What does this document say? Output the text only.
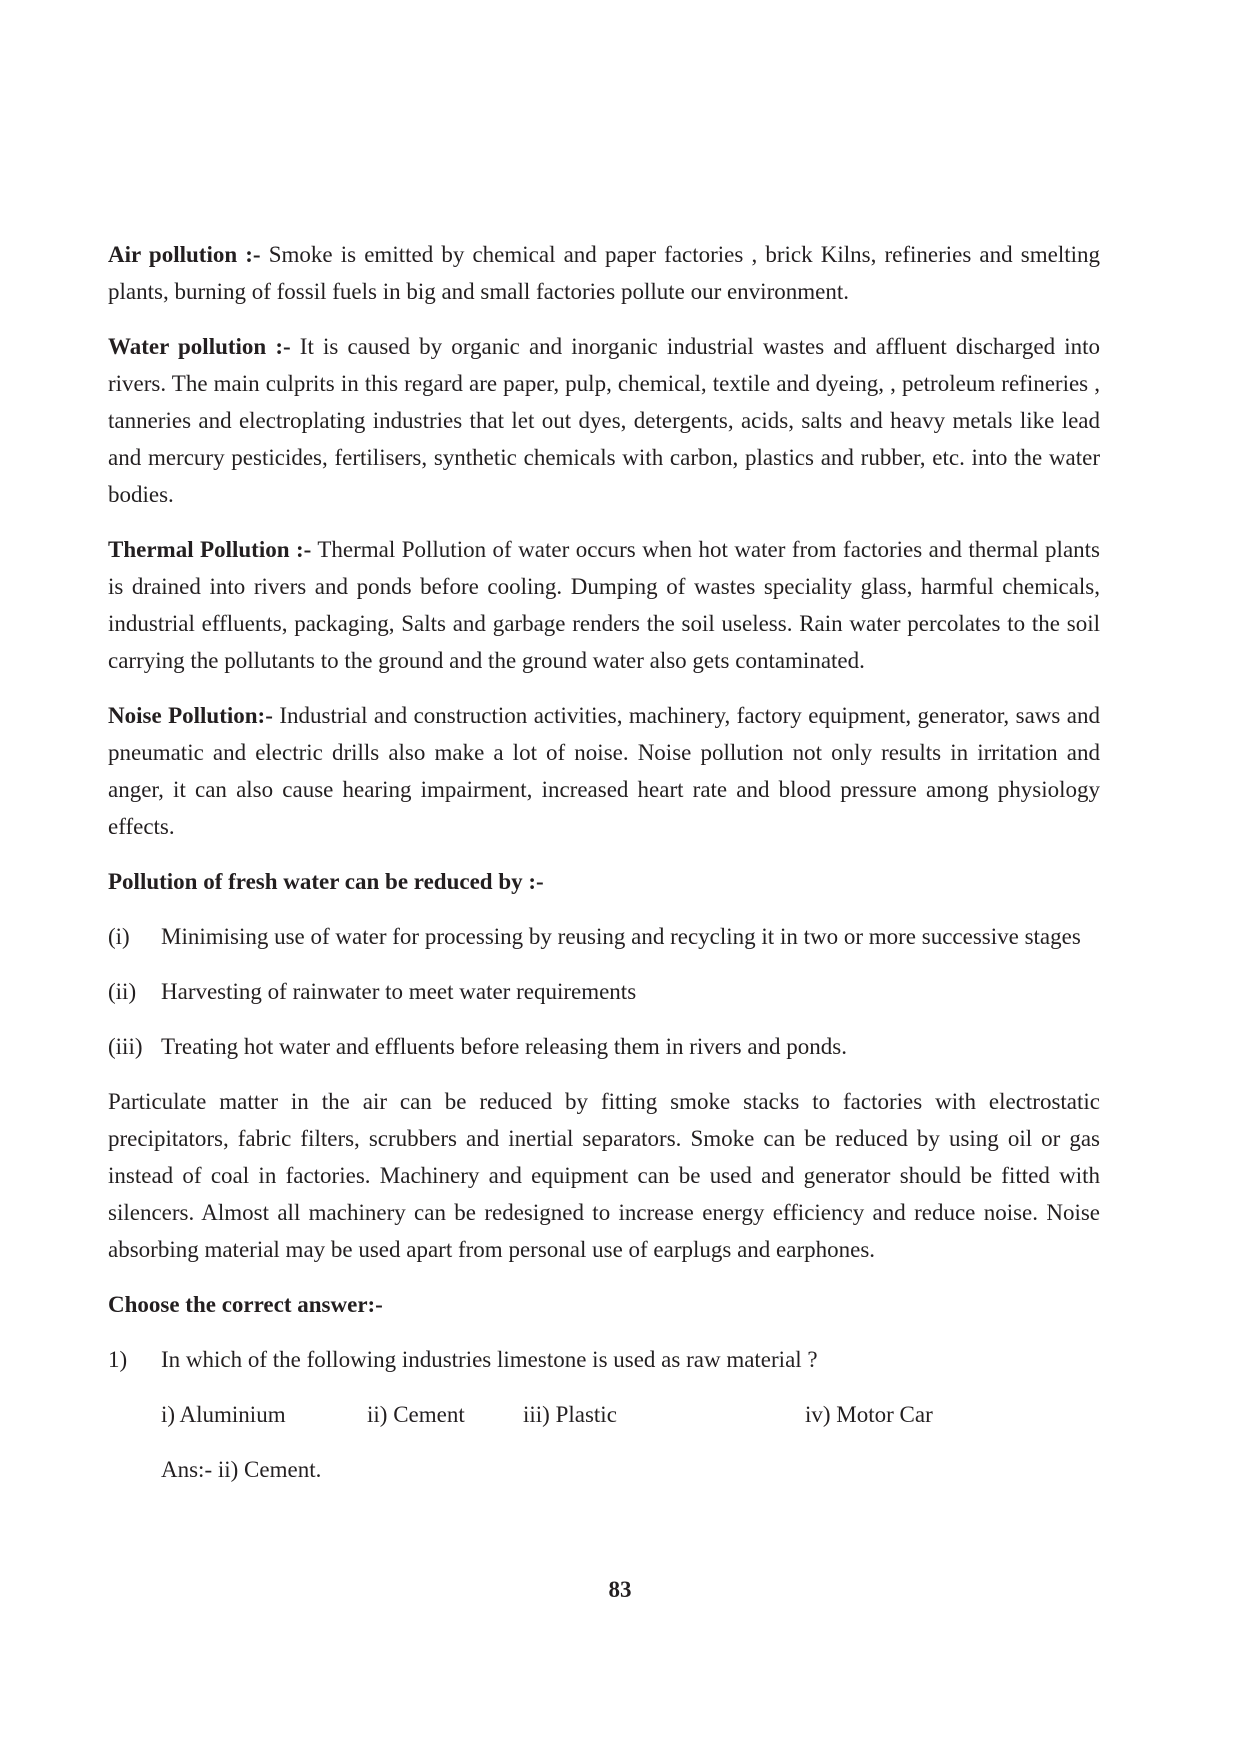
Air pollution :- Smoke is emitted by chemical and paper factories , brick Kilns, refineries and smelting plants, burning of fossil fuels in big and small factories pollute our environment.

Water pollution :- It is caused by organic and inorganic industrial wastes and affluent discharged into rivers. The main culprits in this regard are paper, pulp, chemical, textile and dyeing, , petroleum refineries , tanneries and electroplating industries that let out dyes, detergents, acids, salts and heavy metals like lead and mercury pesticides, fertilisers, synthetic chemicals with carbon, plastics and rubber, etc. into the water bodies.

Thermal Pollution :- Thermal Pollution of water occurs when hot water from factories and thermal plants is drained into rivers and ponds before cooling. Dumping of wastes speciality glass, harmful chemicals, industrial effluents, packaging, Salts and garbage renders the soil useless. Rain water percolates to the soil carrying the pollutants to the ground and the ground water also gets contaminated.

Noise Pollution:- Industrial and construction activities, machinery, factory equipment, generator, saws and pneumatic and electric drills also make a lot of noise. Noise pollution not only results in irritation and anger, it can also cause hearing impairment, increased heart rate and blood pressure among physiology effects.

Pollution of fresh water can be reduced by :-
(i) Minimising use of water for processing by reusing and recycling it in two or more successive stages
(ii) Harvesting of rainwater to meet water requirements
(iii) Treating hot water and effluents before releasing them in rivers and ponds.

Particulate matter in the air can be reduced by fitting smoke stacks to factories with electrostatic precipitators, fabric filters, scrubbers and inertial separators. Smoke can be reduced by using oil or gas instead of coal in factories. Machinery and equipment can be used and generator should be fitted with silencers. Almost all machinery can be redesigned to increase energy efficiency and reduce noise. Noise absorbing material may be used apart from personal use of earplugs and earphones.

Choose the correct answer:-
1) In which of the following industries limestone is used as raw material ?
i) Aluminium	ii) Cement	iii) Plastic	iv) Motor Car
Ans:- ii) Cement.
83
